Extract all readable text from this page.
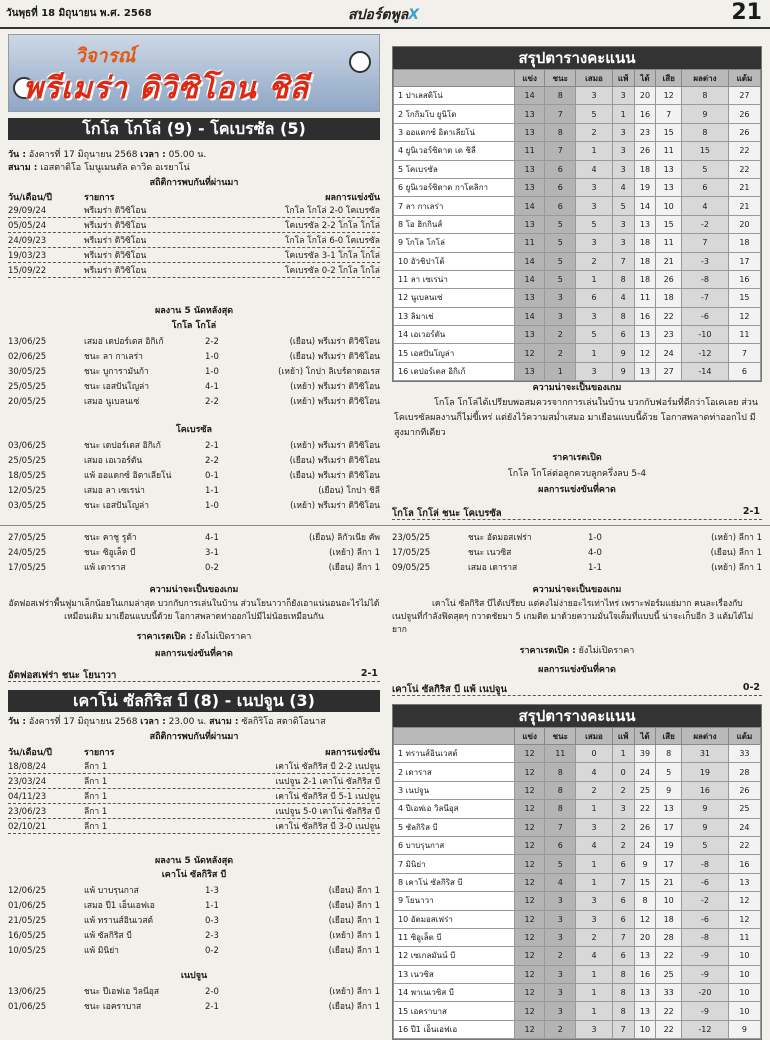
วันพุธที่ 18 มิถุนายน พ.ศ. 2568	สปอร์ตพูลX	21
วิจารณ์
พรีเมร่า ดิวิซิโอน ชิลี
โกโล โกโล่ (9) - โคเบรซัล (5)
วัน : อังคารที่ 17 มิถุนายน 2568 เวลา : 05.00 น.
สนาม : เอสตาดิโอ โมนูเมนตัล ดาวิด อเรยาโน่
สถิติการพบกันที่ผ่านมา
วัน/เดือน/ปี	รายการ	ผลการแข่งขัน
29/09/24	พรีเมร่า ดิวิซิโอน	โกโล โกโล่ 2-0 โคเบรซัล
05/05/24	พรีเมร่า ดิวิซิโอน	โคเบรซัล 2-2 โกโล โกโล่
24/09/23	พรีเมร่า ดิวิซิโอน	โกโล โกโล่ 6-0 โคเบรซัล
19/03/23	พรีเมร่า ดิวิซิโอน	โคเบรซัล 3-1 โกโล โกโล่
15/09/22	พรีเมร่า ดิวิซิโอน	โคเบรซัล 0-2 โกโล โกโล่
ผลงาน 5 นัดหลังสุด
โกโล โกโล่
13/06/25	เสมอ เดปอร์เตส อิกิเก้	2-2	(เยือน) พรีเมร่า ดิวิซิโอน
02/06/25	ชนะ ลา กาเลร่า	1-0	(เยือน) พรีเมร่า ดิวิซิโอน
30/05/25	ชนะ บูการามันก้า	1-0	(เหย้า) โกปา ลิเบร์ตาดอเรส
25/05/25	ชนะ เอสปันโญล่า	4-1	(เหย้า) พรีเมร่า ดิวิซิโอน
20/05/25	เสมอ นูเบลนเซ่	2-2	(เหย้า) พรีเมร่า ดิวิซิโอน
โคเบรซัล
03/06/25	ชนะ เดปอร์เตส อิกิเก้	2-1	(เหย้า) พรีเมร่า ดิวิซิโอน
25/05/25	เสมอ เอเวอร์ตัน	2-2	(เยือน) พรีเมร่า ดิวิซิโอน
18/05/25	แพ้ ออแดกซ์ อิตาเลียโน่	0-1	(เยือน) พรีเมร่า ดิวิซิโอน
12/05/25	เสมอ ลา เซเรน่า	1-1	(เยือน) โกปา ชิลี
03/05/25	ชนะ เอสปันโญล่า	1-0	(เหย้า) พรีเมร่า ดิวิซิโอน
สรุปตารางคะแนน
	แข่ง	ชนะ	เสมอ	แพ้	ได้	เสีย	ผลต่าง	แต้ม
1 ปาเลสติโน่	14	8	3	3	20	12	8	27
2 โกกิมโบ ยูนิโด	13	7	5	1	16	7	9	26
3 ออแดกซ์ อิตาเลียโน่	13	8	2	3	23	15	8	26
4 ยูนิเวอร์ซิดาด เด ชิลี	11	7	1	3	26	11	15	22
5 โคเบรซัล	13	6	4	3	18	13	5	22
6 ยูนิเวอร์ซิดาด กาโตลิกา	13	6	3	4	19	13	6	21
7 ลา กาเลร่า	14	6	3	5	14	10	4	21
8 โอ ฮิกกินส์	13	5	5	3	13	15	-2	20
9 โกโล โกโล่	11	5	3	3	18	11	7	18
10 อัวชิปาโต้	14	5	2	7	18	21	-3	17
11 ลา เซเรน่า	14	5	1	8	18	26	-8	16
12 นูเบลนเซ่	13	3	6	4	11	18	-7	15
13 ลิมาเช่	14	3	3	8	16	22	-6	12
14 เอเวอร์ตัน	13	2	5	6	13	23	-10	11
15 เอสปันโญล่า	12	2	1	9	12	24	-12	7
16 เดปอร์เตส อิกิเก้	13	1	3	9	13	27	-14	6
ความน่าจะเป็นของเกม
โกโล โกโล่ได้เปรียบพอสมควรจากการเล่นในบ้าน บวกกับฟอร์มที่ดีกว่าโอเคเลย ส่วนโคเบรซัลผลงานก็ไม่ขี้เหร่ แต่ยังไว้ความสม่ำเสมอ มาเยือนแบบนี้ด้วย โอกาสพลาดท่าออกไป มีสูงมากทีเดียว
ราคาเรตเปิด
โกโล โกโล่ต่อลูกควบลูกครึ่งลบ 5-4
ผลการแข่งขันที่คาด
โกโล โกโล่ ชนะ โคเบรซัล	2-1
27/05/25	ชนะ คาชู รูต้า	4-1	(เยือน) ลิกัวเนีย คัพ
24/05/25	ชนะ ซิอูเล็ต บี	3-1	(เหย้า) ลีกา 1
17/05/25	แพ้ เดาราส	0-2	(เยือน) ลีกา 1
23/05/25	ชนะ อัตมอสเฟร่า	1-0	(เหย้า) ลีกา 1
17/05/25	ชนะ เนวซิส	4-0	(เยือน) ลีกา 1
09/05/25	เสมอ เดาราส	1-1	(เหย้า) ลีกา 1
ความน่าจะเป็นของเกม
อัตฟอสเฟร่าพื้นฟูมาเล็กน้อยในเกมล่าสุด บวกกับการเล่นในบ้าน ส่วนโยนาวาก็ยังเอาแน่นอนอะไรไม่ได้เหมือนเดิม มาเยือนแบบนี้ด้วย โอกาสพลาดท่าออกไปมีไม่น้อยเหมือนกัน
ราคาเรตเปิด : ยังไม่เปิดราคา
ผลการแข่งขันที่คาด
อัตฟอสเฟร่า ชนะ โยนาวา	2-1
ความน่าจะเป็นของเกม
เคาโน่ ซัลกิริส บีได้เปรียบ แต่คงไม่ง่ายอะไรเท่าไหร่ เพราะฟอร์มแย่มาก คนละเรื่องกับเนปจูนที่กำลังฟิตสุดๆ กวาดชัยมา 5 เกมติด มาด้วยความมั่นใจเต็มที่แบบนี้ น่าจะเก็บอีก 3 แต้มได้ไม่ยาก
ราคาเรตเปิด : ยังไม่เปิดราคา
ผลการแข่งขันที่คาด
เคาโน่ ซัลกิริส บี แพ้ เนปจูน	0-2
เคาโน่ ซัลกิริส บี (8) - เนปจูน (3)
วัน : อังคารที่ 17 มิถุนายน 2568 เวลา : 23.00 น. สนาม : ซัลกิริโอ สตาดิโอนาส
สถิติการพบกันที่ผ่านมา
วัน/เดือน/ปี	รายการ	ผลการแข่งขัน
18/08/24	ลีกา 1	เคาโน่ ซัลกิริส บี 2-2 เนปจูน
23/03/24	ลีกา 1	เนปจูน 2-1 เคาโน่ ซัลกิริส บี
04/11/23	ลีกา 1	เคาโน่ ซัลกิริส บี 5-1 เนปจูน
23/06/23	ลีกา 1	เนปจูน 5-0 เคาโน่ ซัลกิริส บี
02/10/21	ลีกา 1	เคาโน่ ซัลกิริส บี 3-0 เนปจูน
ผลงาน 5 นัดหลังสุด
เคาโน่ ซัลกิริส บี
12/06/25	แพ้ บาบรุนกาส	1-3	(เยือน) ลีกา 1
01/06/25	เสมอ ปี1 เอ็นเอฟเอ	1-1	(เยือน) ลีกา 1
21/05/25	แพ้ ทรานส์อินเวสต์	0-3	(เยือน) ลีกา 1
16/05/25	แพ้ ซัลกิริส บี	2-3	(เหย้า) ลีกา 1
10/05/25	แพ้ มินิย่า	0-2	(เยือน) ลีกา 1
เนปจูน
13/06/25	ชนะ ปีเอฟเอ วิลนีอุส	2-0	(เหย้า) ลีกา 1
01/06/25	ชนะ เอคราบาส	2-1	(เยือน) ลีกา 1
สรุปตารางคะแนน
	แข่ง	ชนะ	เสมอ	แพ้	ได้	เสีย	ผลต่าง	แต้ม
1 ทรานส์อินเวสต์	12	11	0	1	39	8	31	33
2 เดาราส	12	8	4	0	24	5	19	28
3 เนปจูน	12	8	2	2	25	9	16	26
4 ปีเอฟเอ วิลนีอุส	12	8	1	3	22	13	9	25
5 ซัลกิริส บี	12	7	3	2	26	17	9	24
6 บาบรุนกาส	12	6	4	2	24	19	5	22
7 มินิย่า	12	5	1	6	9	17	-8	16
8 เคาโน่ ซัลกิริส บี	12	4	1	7	15	21	-6	13
9 โยนาวา	12	3	3	6	8	10	-2	12
10 อัตมอสเฟร่า	12	3	3	6	12	18	-6	12
11 ซิอูเล็ต บี	12	3	2	7	20	28	-8	11
12 เซเกลมันน์ บี	12	2	4	6	13	22	-9	10
13 เนวซิส	12	3	1	8	16	25	-9	10
14 พาเนเวซิส บี	12	3	1	8	13	33	-20	10
15 เอคราบาส	12	3	1	8	13	22	-9	10
16 ปี1 เอ็นเอฟเอ	12	2	3	7	10	22	-12	9
